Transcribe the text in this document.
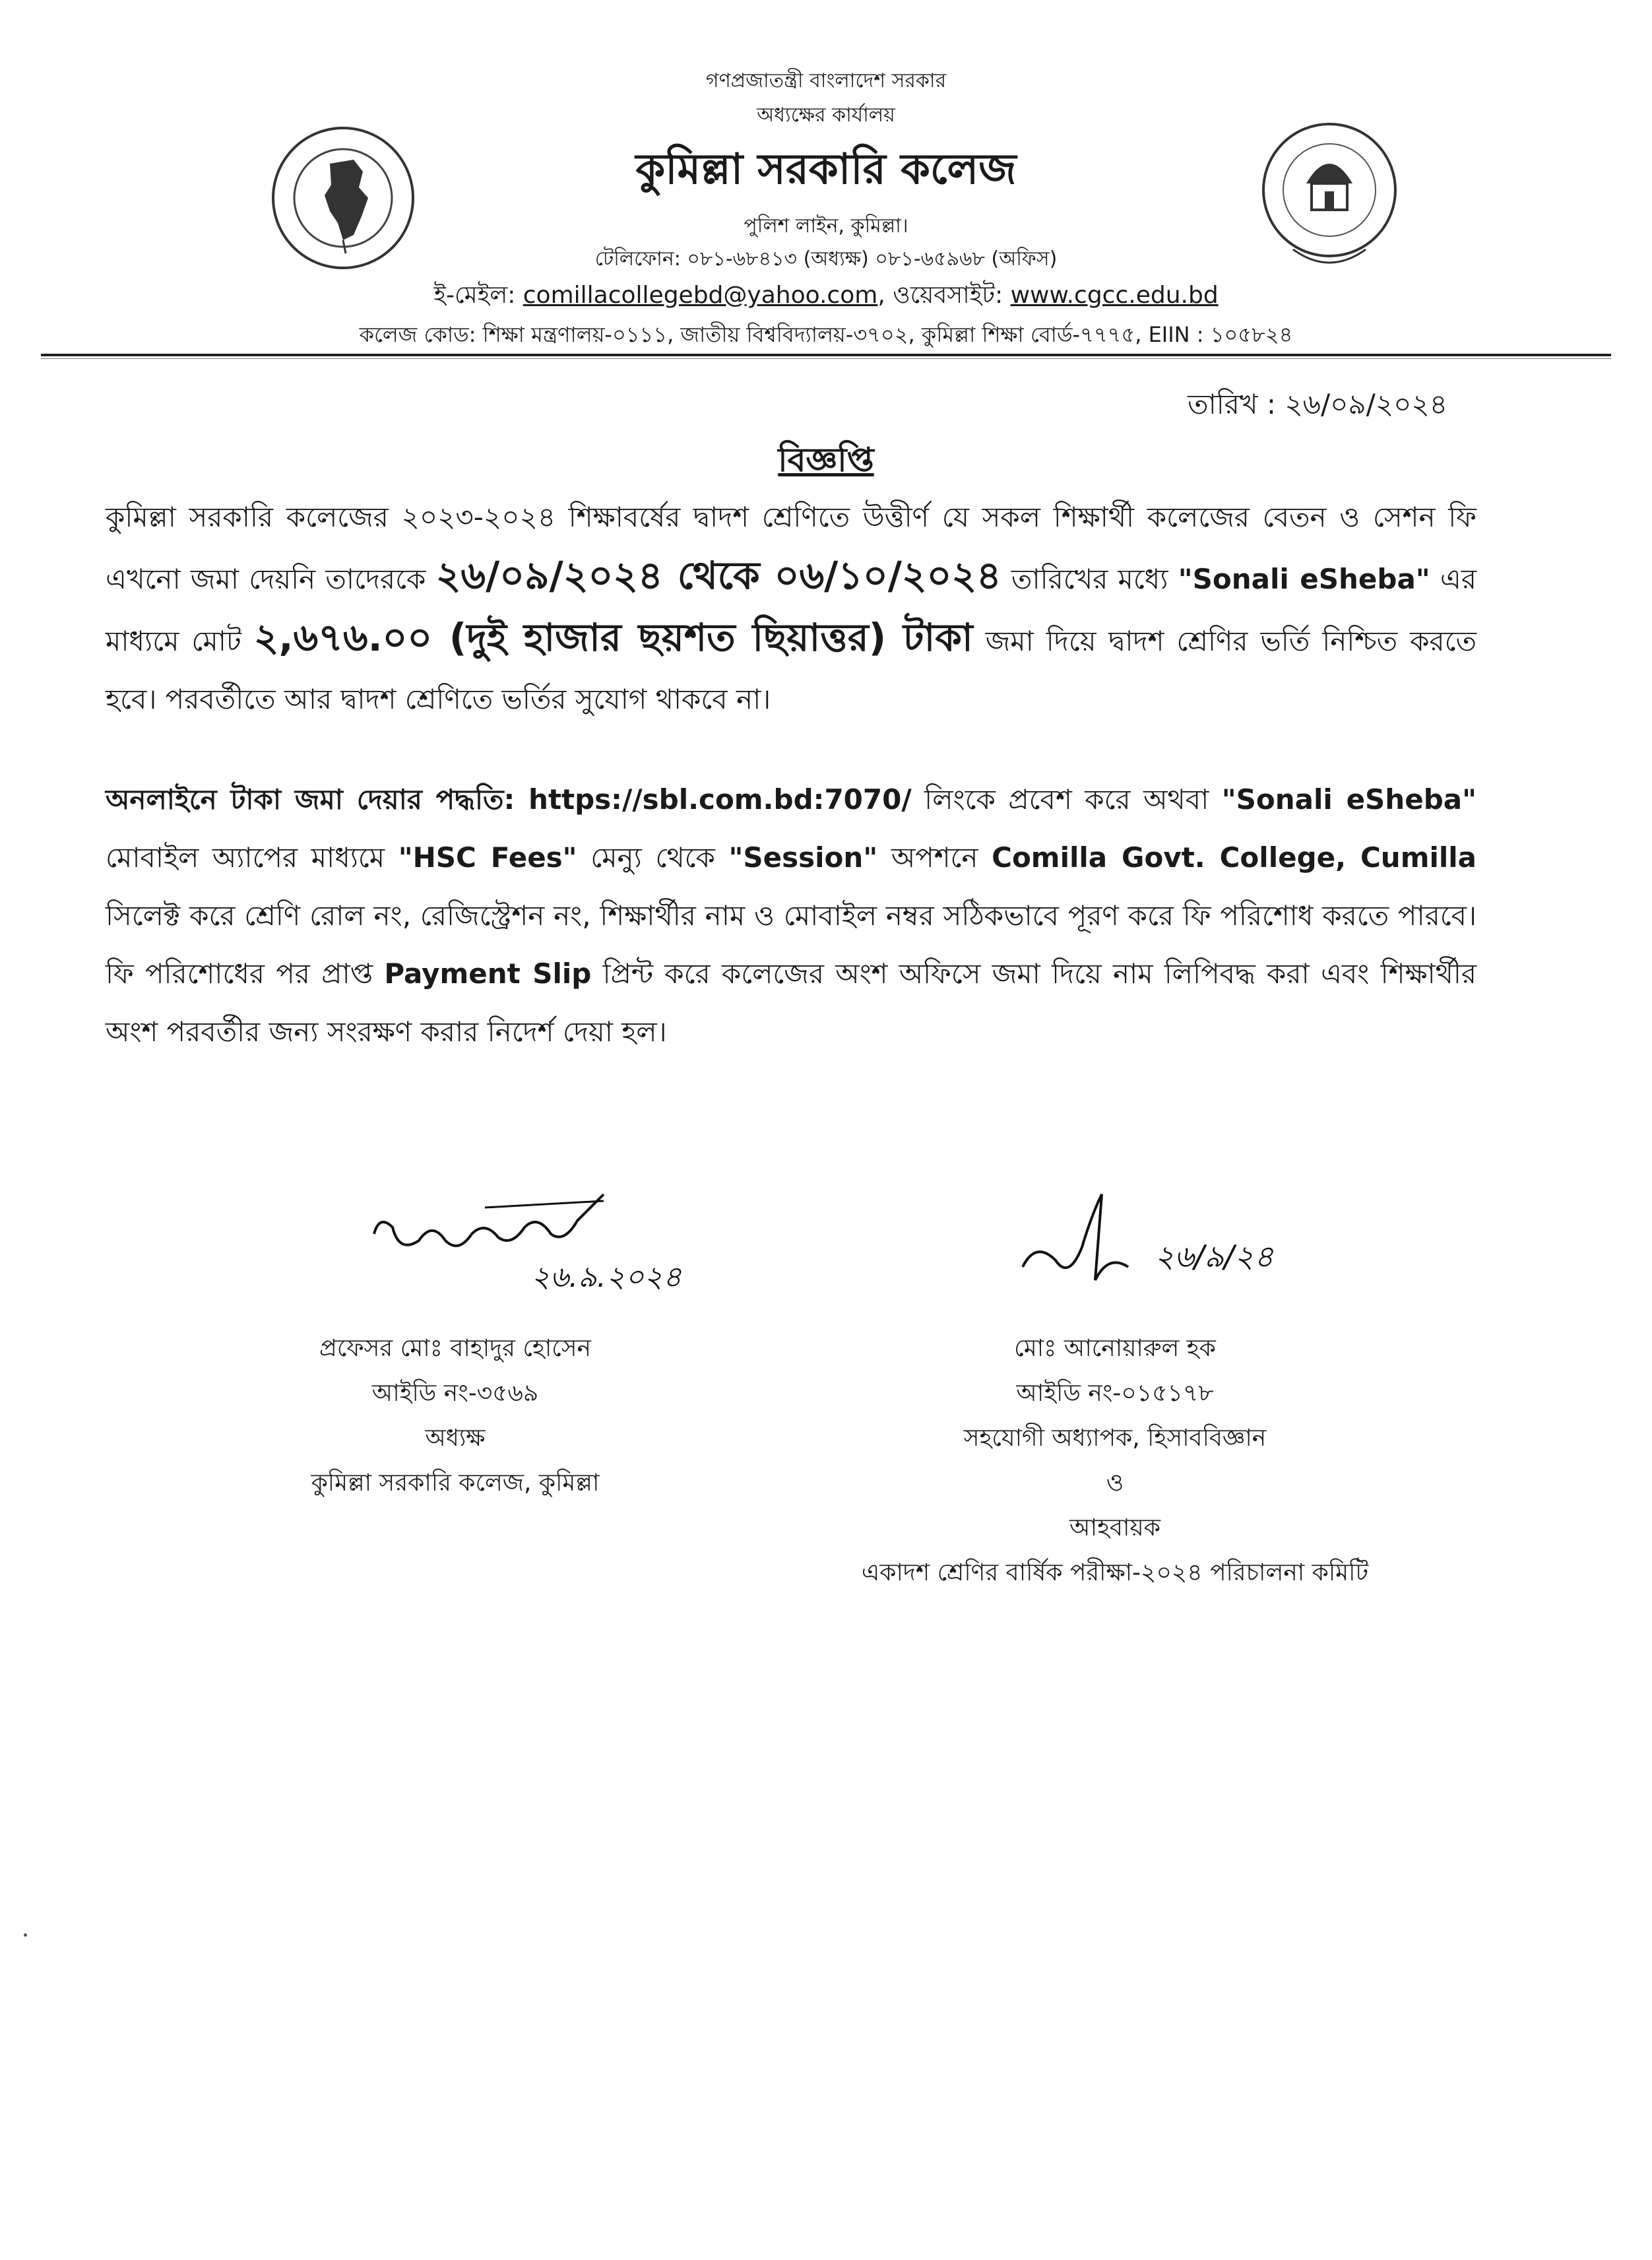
গণপ্রজাতন্ত্রী বাংলাদেশ সরকার
অধ্যক্ষের কার্যালয়
কুমিল্লা সরকারি কলেজ
পুলিশ লাইন, কুমিল্লা।
টেলিফোন: ০৮১-৬৮৪১৩ (অধ্যক্ষ) ০৮১-৬৫৯৬৮ (অফিস)
ই-মেইল: comillacollegebd@yahoo.com, ওয়েবসাইট: www.cgcc.edu.bd
কলেজ কোড: শিক্ষা মন্ত্রণালয়-০১১১, জাতীয় বিশ্ববিদ্যালয়-৩৭০২, কুমিল্লা শিক্ষা বোর্ড-৭৭৭৫, EIIN : ১০৫৮২৪
তারিখ : ২৬/০৯/২০২৪
বিজ্ঞপ্তি
কুমিল্লা সরকারি কলেজের ২০২৩-২০২৪ শিক্ষাবর্ষের দ্বাদশ শ্রেণিতে উত্তীর্ণ যে সকল শিক্ষার্থী কলেজের বেতন ও সেশন ফি এখনো জমা দেয়নি তাদেরকে ২৬/০৯/২০২৪ থেকে ০৬/১০/২০২৪ তারিখের মধ্যে "Sonali eSheba" এর মাধ্যমে মোট ২,৬৭৬.০০ (দুই হাজার ছয়শত ছিয়াত্তর) টাকা জমা দিয়ে দ্বাদশ শ্রেণির ভর্তি নিশ্চিত করতে হবে। পরবর্তীতে আর দ্বাদশ শ্রেণিতে ভর্তির সুযোগ থাকবে না।
অনলাইনে টাকা জমা দেয়ার পদ্ধতি: https://sbl.com.bd:7070/ লিংকে প্রবেশ করে অথবা "Sonali eSheba" মোবাইল অ্যাপের মাধ্যমে "HSC Fees" মেন্যু থেকে "Session" অপশনে Comilla Govt. College, Cumilla সিলেক্ট করে শ্রেণি রোল নং, রেজিস্ট্রেশন নং, শিক্ষার্থীর নাম ও মোবাইল নম্বর সঠিকভাবে পূরণ করে ফি পরিশোধ করতে পারবে। ফি পরিশোধের পর প্রাপ্ত Payment Slip প্রিন্ট করে কলেজের অংশ অফিসে জমা দিয়ে নাম লিপিবদ্ধ করা এবং শিক্ষার্থীর অংশ পরবর্তীর জন্য সংরক্ষণ করার নিদের্শ দেয়া হল।
২৬.৯.২০২৪
২৬/৯/২৪
প্রফেসর মোঃ বাহাদুর হোসেন
আইডি নং-৩৫৬৯
অধ্যক্ষ
কুমিল্লা সরকারি কলেজ, কুমিল্লা
মোঃ আনোয়ারুল হক
আইডি নং-০১৫১৭৮
সহযোগী অধ্যাপক, হিসাববিজ্ঞান
ও
আহবায়ক
একাদশ শ্রেণির বার্ষিক পরীক্ষা-২০২৪ পরিচালনা কমিটি
